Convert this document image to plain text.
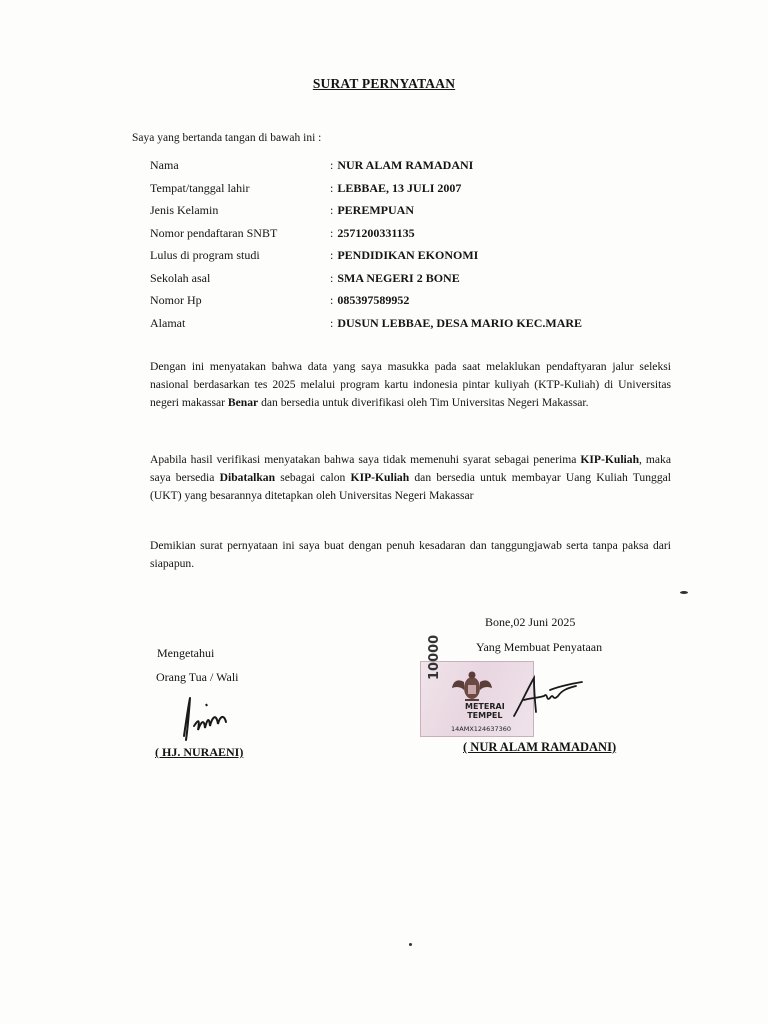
SURAT PERNYATAAN
Saya yang bertanda tangan di bawah ini :
Nama	: NUR ALAM RAMADANI
Tempat/tanggal lahir	: LEBBAE, 13 JULI 2007
Jenis Kelamin	: PEREMPUAN
Nomor pendaftaran SNBT	: 2571200331135
Lulus di program studi	: PENDIDIKAN EKONOMI
Sekolah asal	: SMA NEGERI 2 BONE
Nomor Hp	: 085397589952
Alamat	: DUSUN LEBBAE, DESA MARIO KEC.MARE
Dengan ini menyatakan bahwa data yang saya masukka pada saat melaklukan pendaftyaran jalur seleksi nasional berdasarkan tes 2025 melalui program kartu indonesia pintar kuliyah (KTP-Kuliah) di Universitas negeri makassar Benar dan bersedia untuk diverifikasi oleh Tim Universitas Negeri Makassar.
Apabila hasil verifikasi menyatakan bahwa saya tidak memenuhi syarat sebagai penerima KIP-Kuliah, maka saya bersedia Dibatalkan sebagai calon KIP-Kuliah dan bersedia untuk membayar Uang Kuliah Tunggal (UKT) yang besarannya ditetapkan oleh Universitas Negeri Makassar
Demikian surat pernyataan ini saya buat dengan penuh kesadaran dan tanggungjawab serta tanpa paksa dari siapapun.
Bone,02 Juni 2025
Yang Membuat Penyataan
Mengetahui
Orang Tua / Wali
( HJ. NURAENI)
10000
METERAI
TEMPEL
14AMX124637360
( NUR ALAM RAMADANI)
